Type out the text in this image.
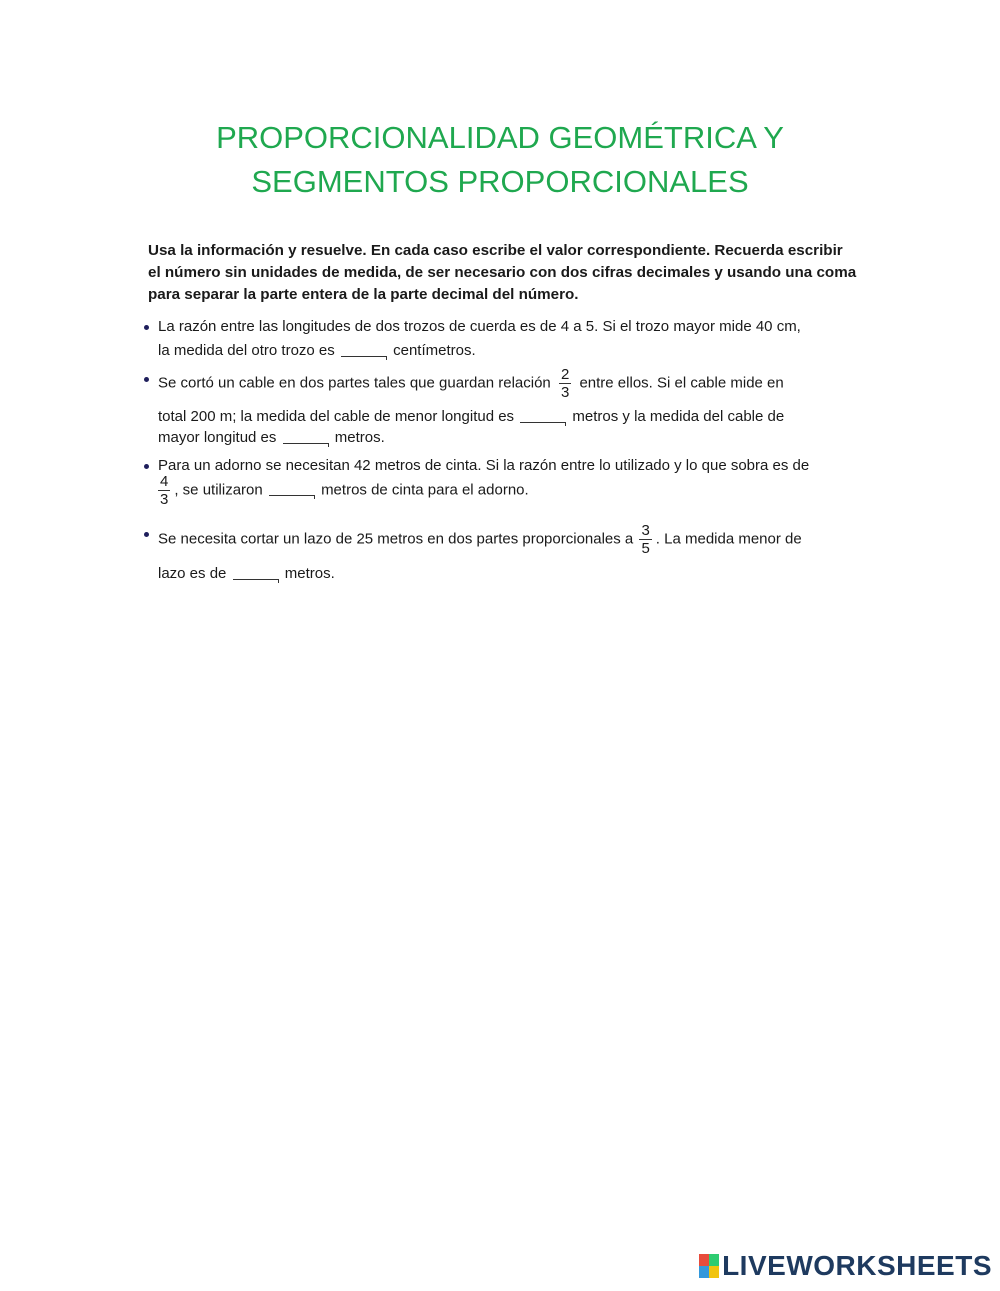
PROPORCIONALIDAD GEOMÉTRICA Y
SEGMENTOS PROPORCIONALES
Usa la información y resuelve. En cada caso escribe el valor correspondiente. Recuerda escribir
el número sin unidades de medida, de ser necesario con dos cifras decimales y usando una coma
para separar la parte entera de la parte decimal del número.
La razón entre las longitudes de dos trozos de cuerda es de 4 a 5. Si el trozo mayor mide 40 cm,
la medida del otro trozo es	centímetros.
Se cortó un cable en dos partes tales que guardan relación $\frac{2}{3}$ entre ellos. Si el cable mide en
total 200 m; la medida del cable de menor longitud es	metros y la medida del cable de
mayor longitud es	metros.
Para un adorno se necesitan 42 metros de cinta. Si la razón entre lo utilizado y lo que sobra es de
$\frac{4}{3}$ , se utilizaron	metros de cinta para el adorno.
Se necesita cortar un lazo de 25 metros en dos partes proporcionales a $\frac{3}{5}$ . La medida menor de
lazo es de	metros.
LIVEWORKSHEETS
